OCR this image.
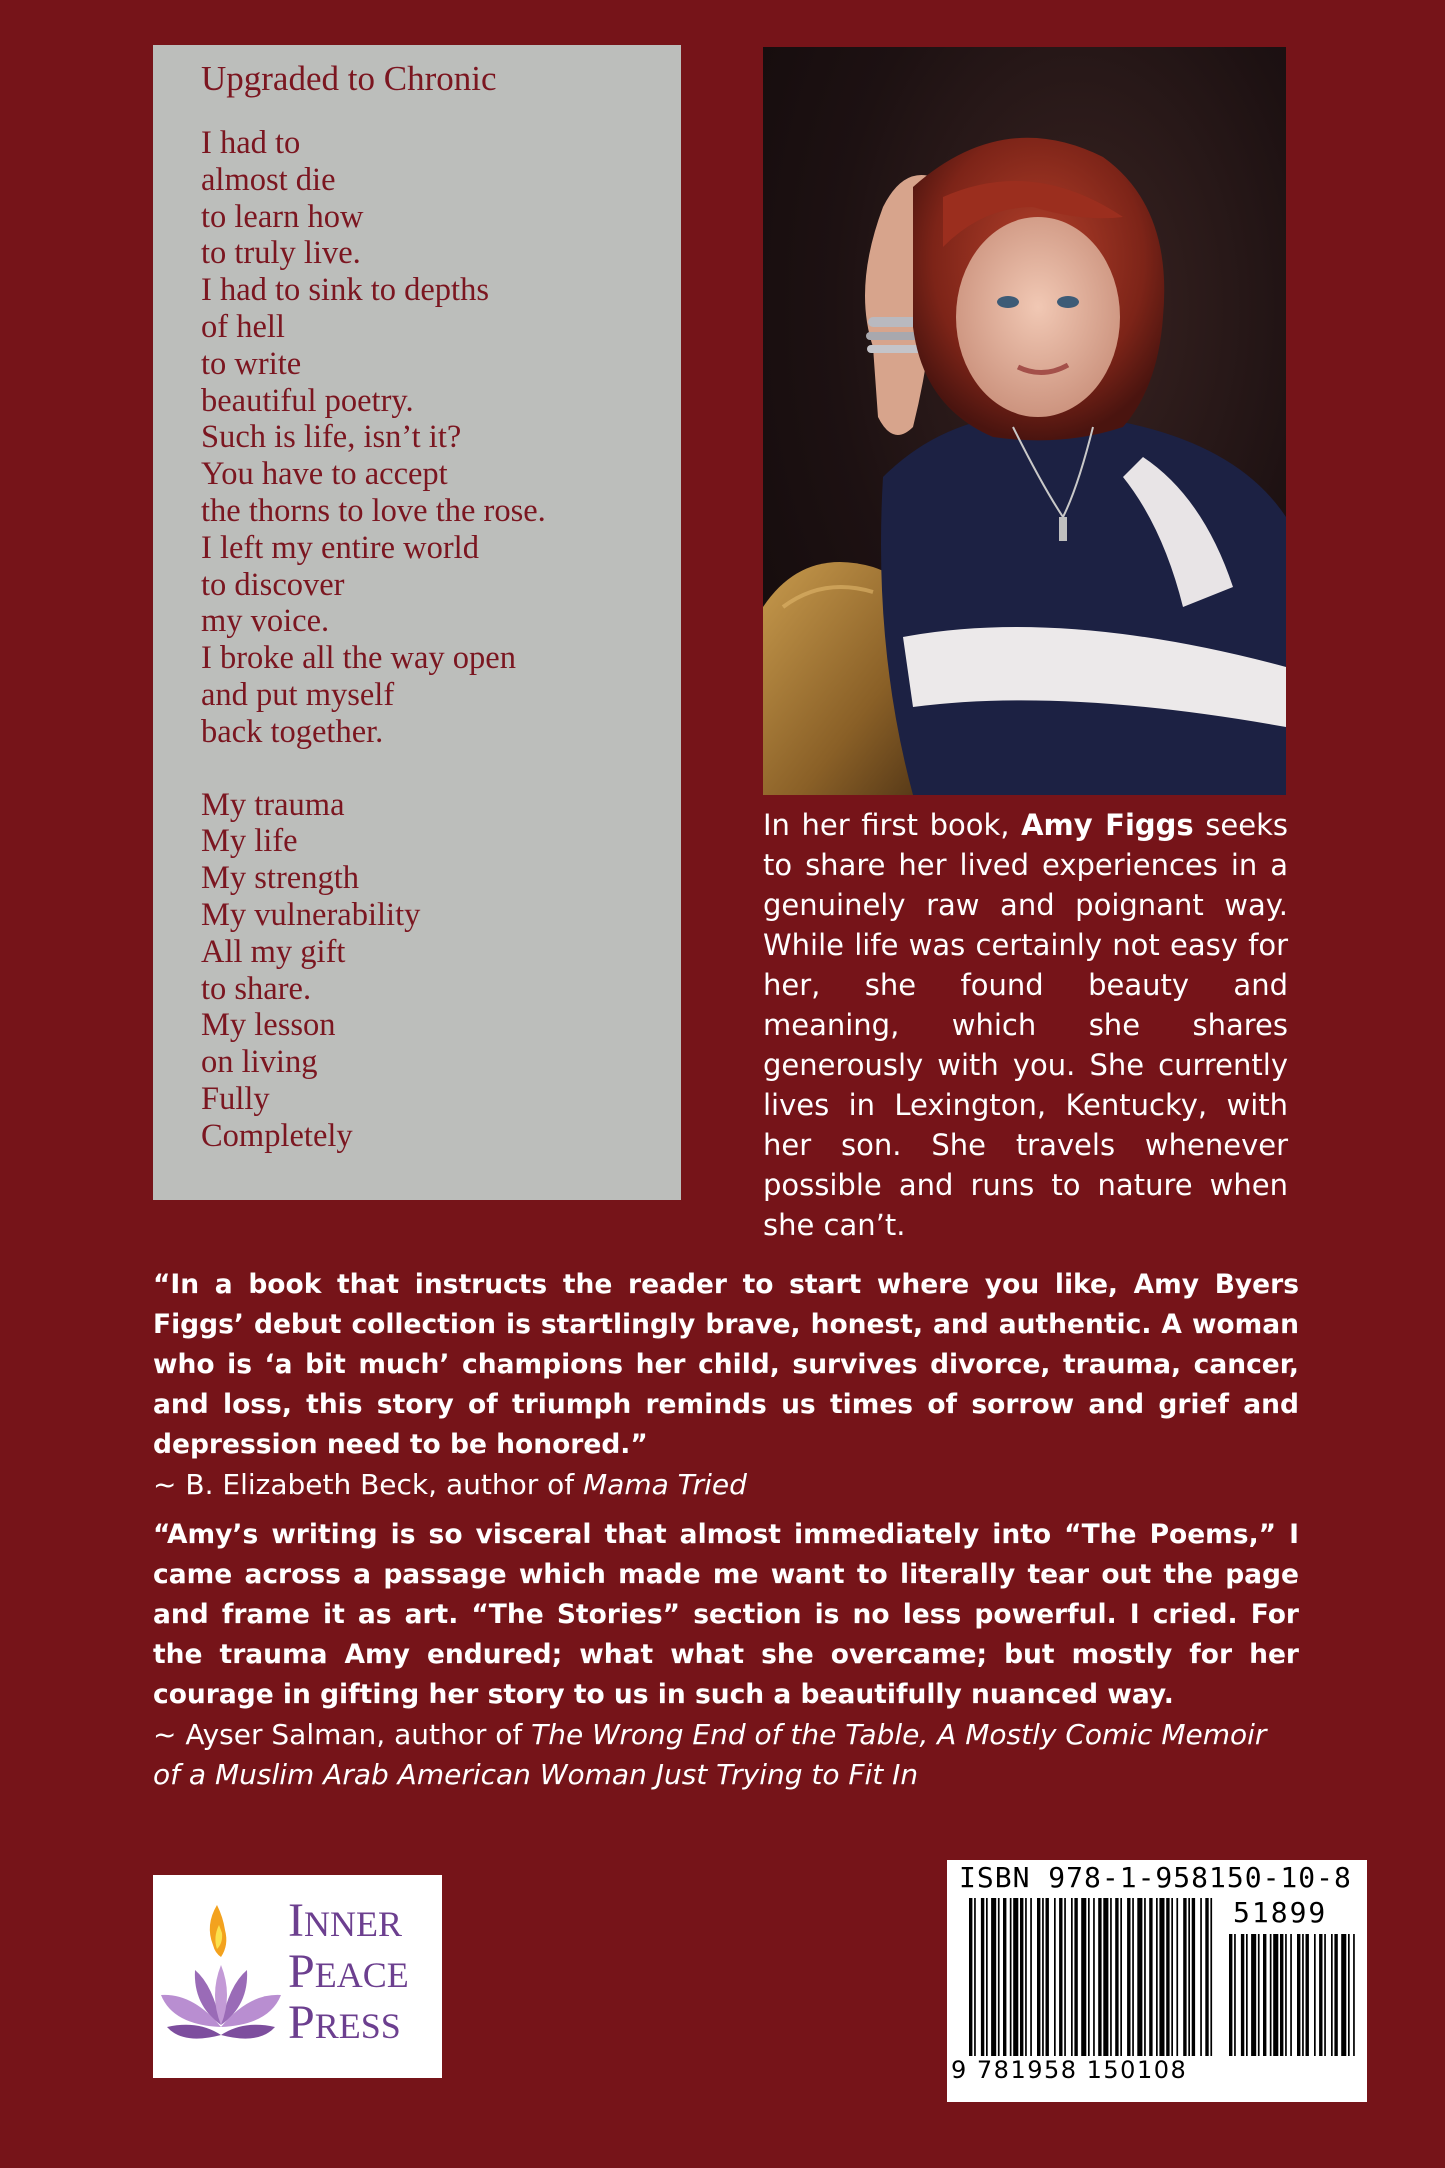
Upgraded to Chronic
I had to
almost die
to learn how
to truly live.
I had to sink to depths
of hell
to write
beautiful poetry.
Such is life, isn’t it?
You have to accept
the thorns to love the rose.
I left my entire world
to discover
my voice.
I broke all the way open
and put myself
back together.
My trauma
My life
My strength
My vulnerability
All my gift
to share.
My lesson
on living
Fully
Completely
In her first book, Amy Figgs seeks to share her lived experiences in a genuinely raw and poignant way. While life was certainly not easy for her, she found beauty and meaning, which she shares generously with you. She currently lives in Lexington, Kentucky, with her son. She travels whenever possible and runs to nature when she can’t.
“In a book that instructs the reader to start where you like, Amy Byers Figgs’ debut collection is startlingly brave, honest, and authentic. A woman who is ‘a bit much’ champions her child, survives divorce, trauma, cancer, and loss, this story of triumph reminds us times of sorrow and grief and depression need to be honored.”
~ B. Elizabeth Beck, author of Mama Tried
“Amy’s writing is so visceral that almost immediately into “The Poems,” I came across a passage which made me want to literally tear out the page and frame it as art. “The Stories” section is no less powerful. I cried. For the trauma Amy endured; what what she overcame; but mostly for her courage in gifting her story to us in such a beautifully nuanced way.
~ Ayser Salman, author of The Wrong End of the Table, A Mostly Comic Memoir of a Muslim Arab American Woman Just Trying to Fit In
INNER
PEACE
PRESS
ISBN 978-1-958150-10-8
51899
9 781958 150108
